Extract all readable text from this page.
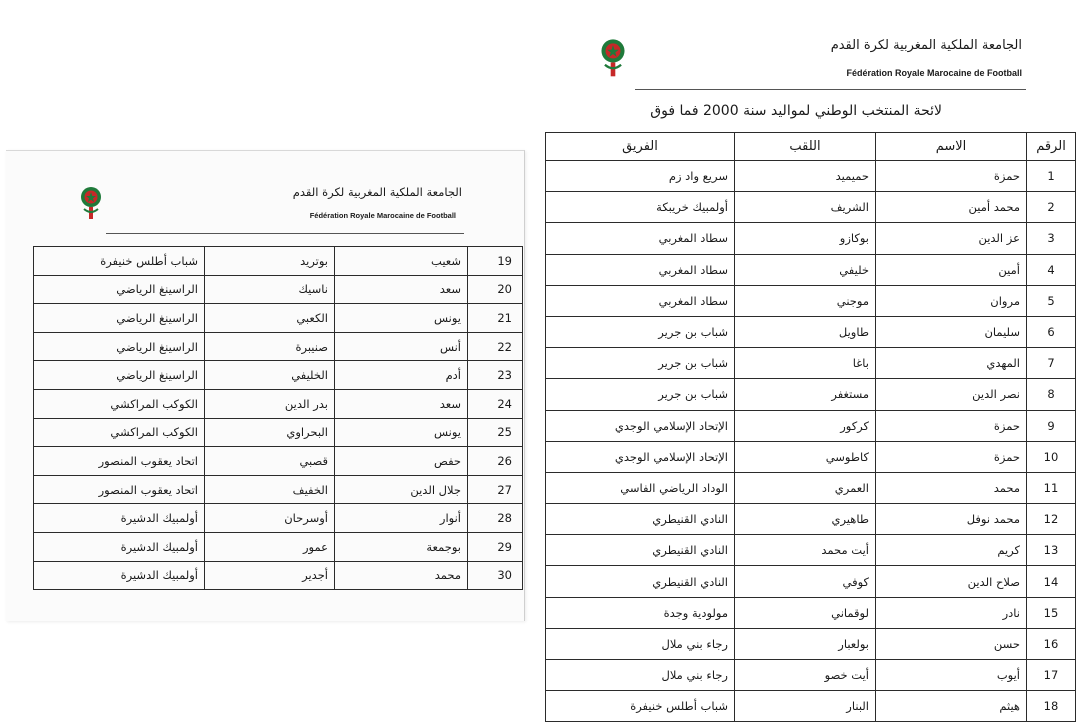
الجامعة الملكية المغربية لكرة القدم
Fédération Royale Marocaine de Football
شباب أطلس خنيفرة	بوتريد	شعيب	19
الراسينغ الرياضي	ناسيك	سعد	20
الراسينغ الرياضي	الكعبي	يونس	21
الراسينغ الرياضي	صنيبرة	أنس	22
الراسينغ الرياضي	الخليفي	أدم	23
الكوكب المراكشي	بدر الدين	سعد	24
الكوكب المراكشي	البحراوي	يونس	25
اتحاد يعقوب المنصور	قصبي	حفص	26
اتحاد يعقوب المنصور	الخفيف	جلال الدين	27
أولمبيك الدشيرة	أوسرحان	أنوار	28
أولمبيك الدشيرة	عمور	بوجمعة	29
أولمبيك الدشيرة	أجدير	محمد	30
الجامعة الملكية المغربية لكرة القدم
Fédération Royale Marocaine de Football
لائحة المنتخب الوطني لمواليد سنة 2000 فما فوق
الفريق	اللقب	الاسم	الرقم
سريع واد زم	حميميد	حمزة	1
أولمبيك خريبكة	الشريف	محمد أمين	2
سطاد المغربي	بوكازو	عز الدين	3
سطاد المغربي	خليفي	أمين	4
سطاد المغربي	موجني	مروان	5
شباب بن جرير	طاويل	سليمان	6
شباب بن جرير	باغا	المهدي	7
شباب بن جرير	مستغفر	نصر الدين	8
الإتحاد الإسلامي الوجدي	كركور	حمزة	9
الإتحاد الإسلامي الوجدي	كاطوسي	حمزة	10
الوداد الرياضي الفاسي	العمري	محمد	11
النادي القنيطري	طاهيري	محمد نوفل	12
النادي القنيطري	أيت محمد	كريم	13
النادي القنيطري	كوفي	صلاح الدين	14
مولودية وجدة	لوقماني	نادر	15
رجاء بني ملال	بولعبار	حسن	16
رجاء بني ملال	أيت خصو	أيوب	17
شباب أطلس خنيفرة	البنار	هيثم	18
